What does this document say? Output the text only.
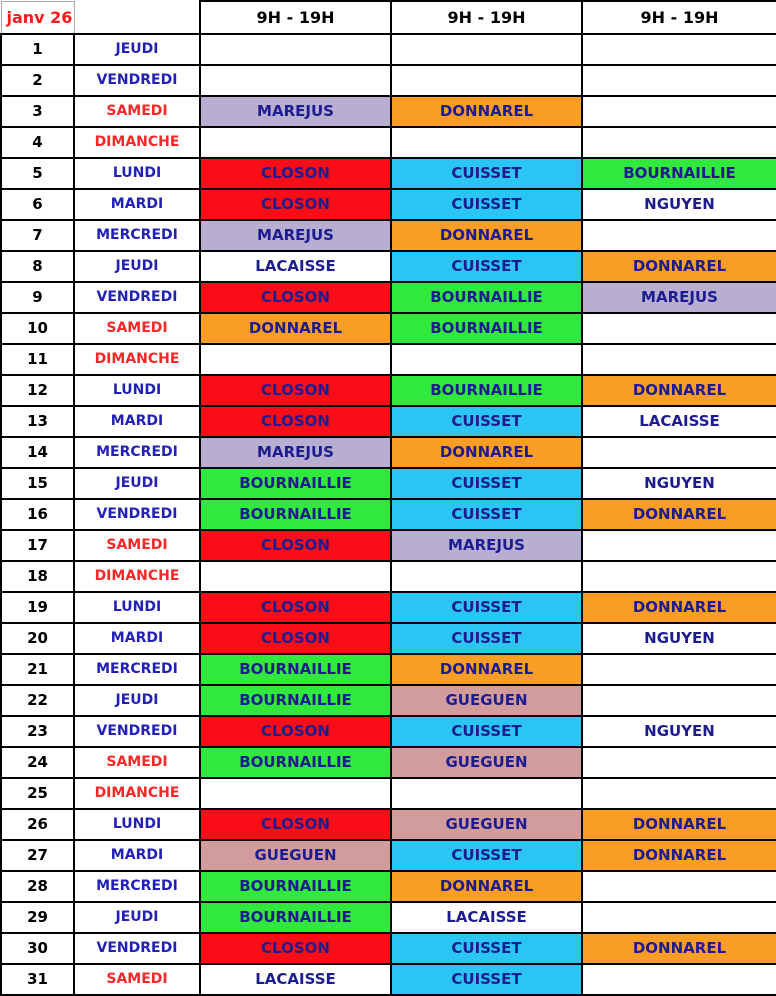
janv 26		9H - 19H	9H - 19H	9H - 19H
1	JEUDI			
2	VENDREDI			
3	SAMEDI	MAREJUS	DONNAREL	
4	DIMANCHE			
5	LUNDI	CLOSON	CUISSET	BOURNAILLIE
6	MARDI	CLOSON	CUISSET	NGUYEN
7	MERCREDI	MAREJUS	DONNAREL	
8	JEUDI	LACAISSE	CUISSET	DONNAREL
9	VENDREDI	CLOSON	BOURNAILLIE	MAREJUS
10	SAMEDI	DONNAREL	BOURNAILLIE	
11	DIMANCHE			
12	LUNDI	CLOSON	BOURNAILLIE	DONNAREL
13	MARDI	CLOSON	CUISSET	LACAISSE
14	MERCREDI	MAREJUS	DONNAREL	
15	JEUDI	BOURNAILLIE	CUISSET	NGUYEN
16	VENDREDI	BOURNAILLIE	CUISSET	DONNAREL
17	SAMEDI	CLOSON	MAREJUS	
18	DIMANCHE			
19	LUNDI	CLOSON	CUISSET	DONNAREL
20	MARDI	CLOSON	CUISSET	NGUYEN
21	MERCREDI	BOURNAILLIE	DONNAREL	
22	JEUDI	BOURNAILLIE	GUEGUEN	
23	VENDREDI	CLOSON	CUISSET	NGUYEN
24	SAMEDI	BOURNAILLIE	GUEGUEN	
25	DIMANCHE			
26	LUNDI	CLOSON	GUEGUEN	DONNAREL
27	MARDI	GUEGUEN	CUISSET	DONNAREL
28	MERCREDI	BOURNAILLIE	DONNAREL	
29	JEUDI	BOURNAILLIE	LACAISSE	
30	VENDREDI	CLOSON	CUISSET	DONNAREL
31	SAMEDI	LACAISSE	CUISSET	
